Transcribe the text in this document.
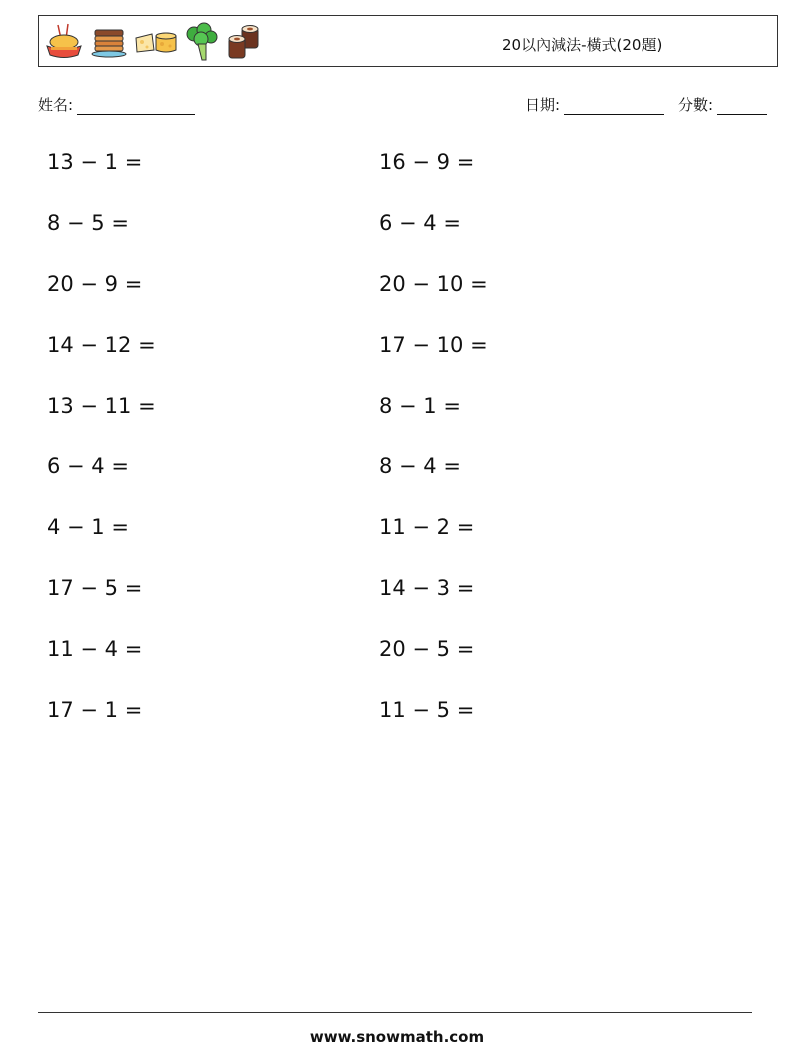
20以內減法-橫式(20題)
姓名:	日期:	分數:
13 − 1 =
8 − 5 =
20 − 9 =
14 − 12 =
13 − 11 =
6 − 4 =
4 − 1 =
17 − 5 =
11 − 4 =
17 − 1 =
16 − 9 =
6 − 4 =
20 − 10 =
17 − 10 =
8 − 1 =
8 − 4 =
11 − 2 =
14 − 3 =
20 − 5 =
11 − 5 =
www.snowmath.com
